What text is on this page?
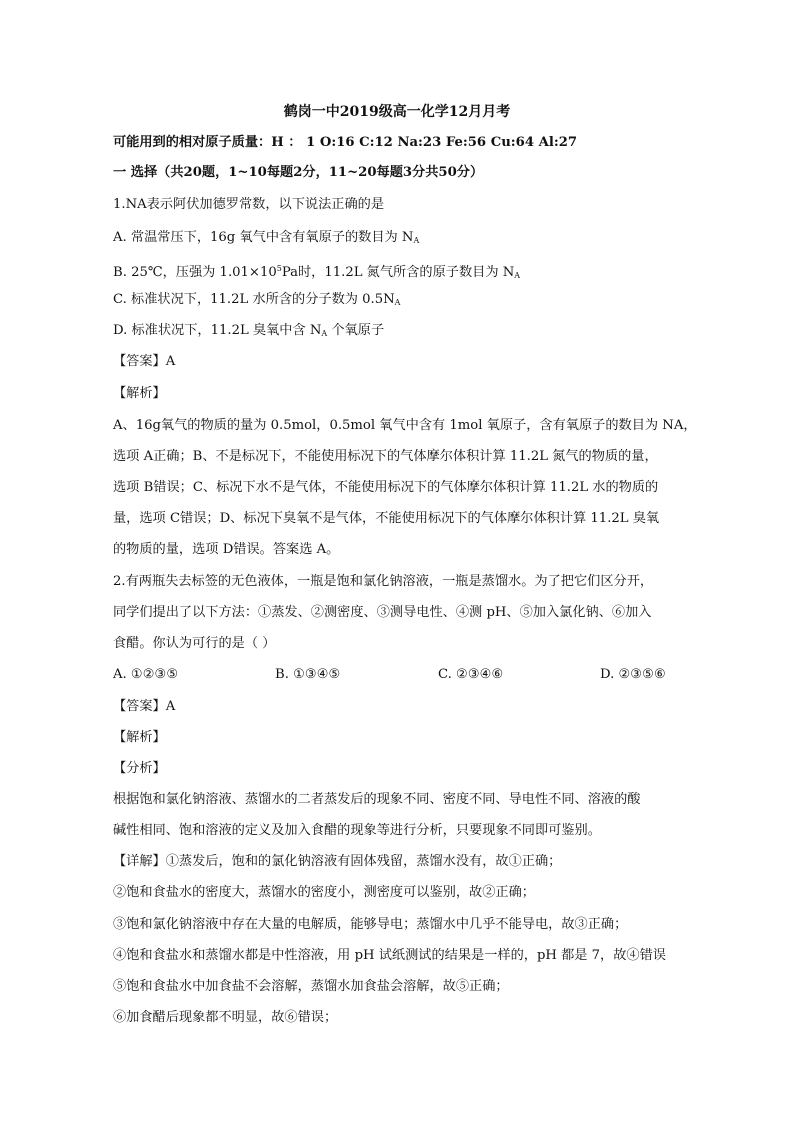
鹤岗一中2019级高一化学12月月考
可能用到的相对原子质量：H ： 1 O:16 C:12 Na:23 Fe:56 Cu:64 Al:27
一 选择（共20题，1~10每题2分，11~20每题3分共50分）
1.NA表示阿伏加德罗常数，以下说法正确的是
A. 常温常压下，16g 氧气中含有氧原子的数目为 $N_A$
B. 25℃，压强为 $1.01\times 10^5Pa$时，11.2L 氮气所含的原子数目为 $N_A$
C. 标准状况下，11.2L 水所含的分子数为 $0.5N_A$
D. 标准状况下，11.2L 臭氧中含 $N_A$ 个氧原子
【答案】A
【解析】
A、16g氧气的物质的量为 0.5mol，0.5mol 氧气中含有 1mol 氧原子，含有氧原子的数目为 NA，
选项 A正确；B、不是标况下，不能使用标况下的气体摩尔体积计算 11.2L 氮气的物质的量，
选项 B错误；C、标况下水不是气体，不能使用标况下的气体摩尔体积计算 11.2L 水的物质的
量，选项 C错误；D、标况下臭氧不是气体，不能使用标况下的气体摩尔体积计算 11.2L 臭氧
的物质的量，选项 D错误。答案选 A。
2.有两瓶失去标签的无色液体，一瓶是饱和氯化钠溶液，一瓶是蒸馏水。为了把它们区分开，
同学们提出了以下方法：①蒸发、②测密度、③测导电性、④测 pH、⑤加入氯化钠、⑥加入
食醋。你认为可行的是（ ）
A. ①②③⑤	B. ①③④⑤	C. ②③④⑥	D. ②③⑤⑥
【答案】A
【解析】
【分析】
根据饱和氯化钠溶液、蒸馏水的二者蒸发后的现象不同、密度不同、导电性不同、溶液的酸
碱性相同、饱和溶液的定义及加入食醋的现象等进行分析，只要现象不同即可鉴别。
【详解】①蒸发后，饱和的氯化钠溶液有固体残留，蒸馏水没有，故①正确；
②饱和食盐水的密度大，蒸馏水的密度小，测密度可以鉴别，故②正确；
③饱和氯化钠溶液中存在大量的电解质，能够导电；蒸馏水中几乎不能导电，故③正确；
④饱和食盐水和蒸馏水都是中性溶液，用 pH 试纸测试的结果是一样的，pH 都是 7，故④错误
⑤饱和食盐水中加食盐不会溶解，蒸馏水加食盐会溶解，故⑤正确；
⑥加食醋后现象都不明显，故⑥错误；
